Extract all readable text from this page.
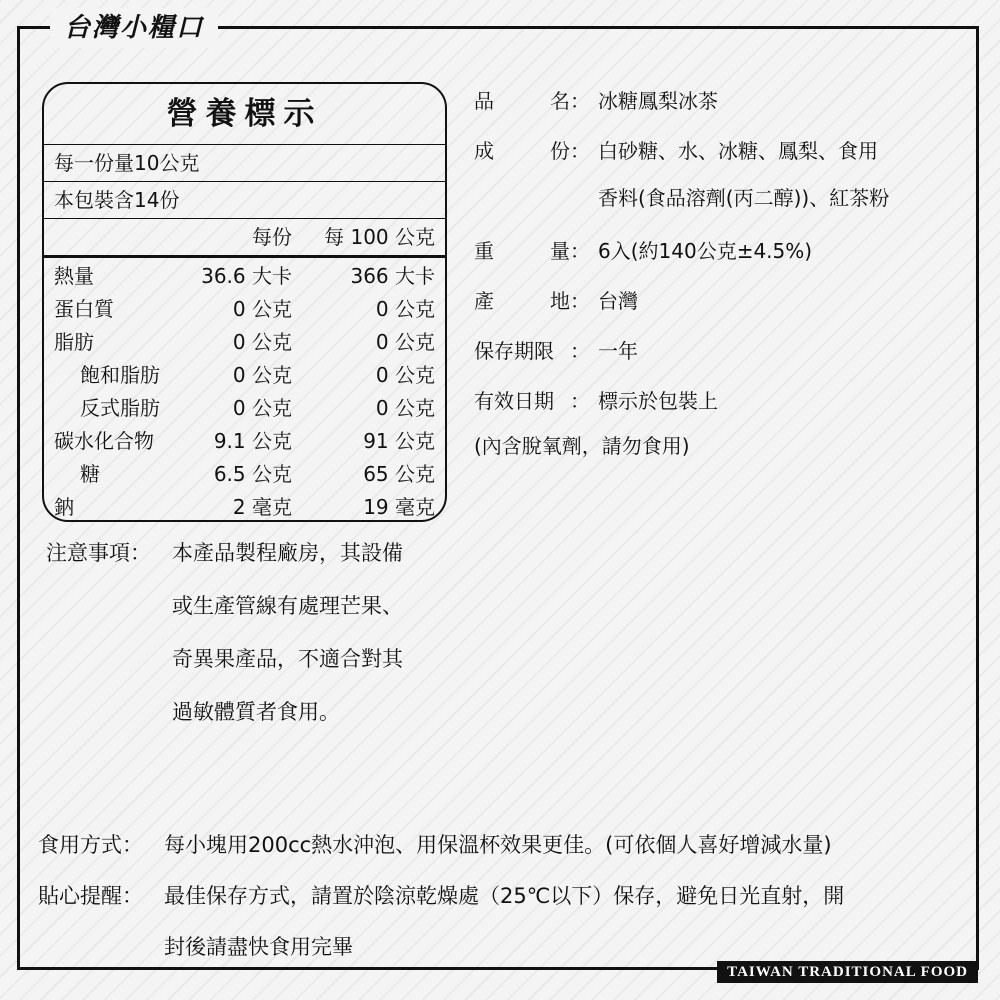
台灣小糧口
營養標示
每一份量10公克
本包裝含14份
每份 每 100 公克
熱量	36.6 大卡	366 大卡
蛋白質	0 公克	0 公克
脂肪	0 公克	0 公克
飽和脂肪	0 公克	0 公克
反式脂肪	0 公克	0 公克
碳水化合物	9.1 公克	91 公克
糖	6.5 公克	65 公克
鈉	2 毫克	19 毫克
品	名 ： 冰糖鳳梨冰茶
成	份 ： 白砂糖、水、冰糖、鳳梨、食用
香料(食品溶劑(丙二醇))、紅茶粉
重	量 ： 6入(約140公克±4.5%)
產	地 ： 台灣
保存期限 ： 一年
有效日期 ： 標示於包裝上
(內含脫氧劑，請勿食用)
注意事項： 本產品製程廠房，其設備
或生產管線有處理芒果、
奇異果產品，不適合對其
過敏體質者食用。
食用方式： 每小塊用200cc熱水沖泡、用保溫杯效果更佳。(可依個人喜好增減水量)
貼心提醒： 最佳保存方式，請置於陰涼乾燥處（25℃以下）保存，避免日光直射，開
封後請盡快食用完畢
TAIWAN TRADITIONAL FOOD
